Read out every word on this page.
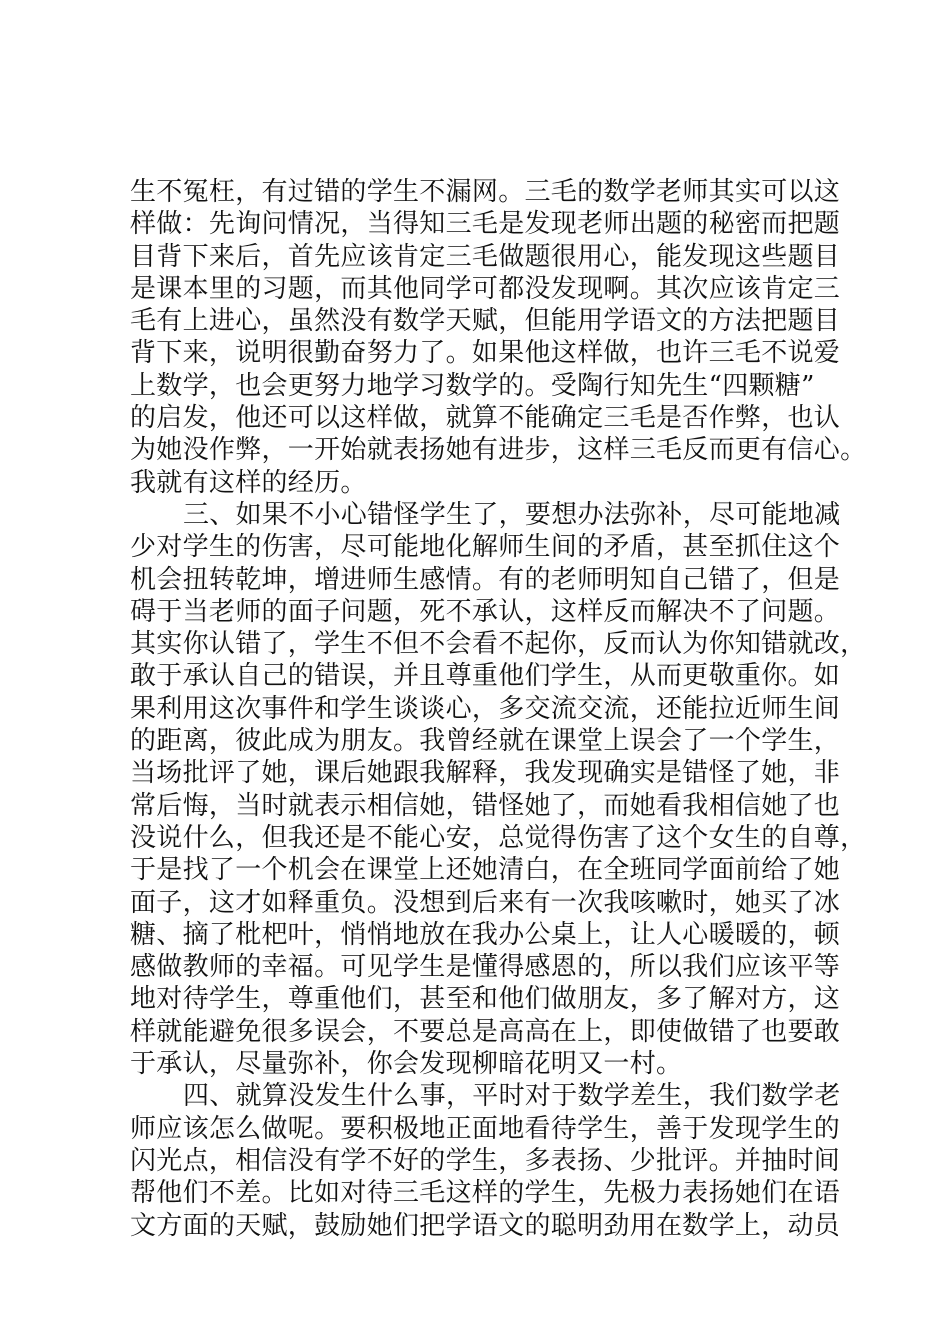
生不冤枉，有过错的学生不漏网。三毛的数学老师其实可以这
样做：先询问情况，当得知三毛是发现老师出题的秘密而把题
目背下来后，首先应该肯定三毛做题很用心，能发现这些题目
是课本里的习题，而其他同学可都没发现啊。其次应该肯定三
毛有上进心，虽然没有数学天赋，但能用学语文的方法把题目
背下来，说明很勤奋努力了。如果他这样做，也许三毛不说爱
上数学，也会更努力地学习数学的。受陶行知先生“四颗糖”
的启发，他还可以这样做，就算不能确定三毛是否作弊，也认
为她没作弊，一开始就表扬她有进步，这样三毛反而更有信心。
我就有这样的经历。
三、如果不小心错怪学生了，要想办法弥补，尽可能地减
少对学生的伤害，尽可能地化解师生间的矛盾，甚至抓住这个
机会扭转乾坤，增进师生感情。有的老师明知自己错了，但是
碍于当老师的面子问题，死不承认，这样反而解决不了问题。
其实你认错了，学生不但不会看不起你，反而认为你知错就改，
敢于承认自己的错误，并且尊重他们学生，从而更敬重你。如
果利用这次事件和学生谈谈心，多交流交流，还能拉近师生间
的距离，彼此成为朋友。我曾经就在课堂上误会了一个学生，
当场批评了她，课后她跟我解释，我发现确实是错怪了她，非
常后悔，当时就表示相信她，错怪她了，而她看我相信她了也
没说什么，但我还是不能心安，总觉得伤害了这个女生的自尊，
于是找了一个机会在课堂上还她清白，在全班同学面前给了她
面子，这才如释重负。没想到后来有一次我咳嗽时，她买了冰
糖、摘了枇杷叶，悄悄地放在我办公桌上，让人心暖暖的，顿
感做教师的幸福。可见学生是懂得感恩的，所以我们应该平等
地对待学生，尊重他们，甚至和他们做朋友，多了解对方，这
样就能避免很多误会，不要总是高高在上，即使做错了也要敢
于承认，尽量弥补，你会发现柳暗花明又一村。
四、就算没发生什么事，平时对于数学差生，我们数学老
师应该怎么做呢。要积极地正面地看待学生，善于发现学生的
闪光点，相信没有学不好的学生，多表扬、少批评。并抽时间
帮他们不差。比如对待三毛这样的学生，先极力表扬她们在语
文方面的天赋，鼓励她们把学语文的聪明劲用在数学上，动员
